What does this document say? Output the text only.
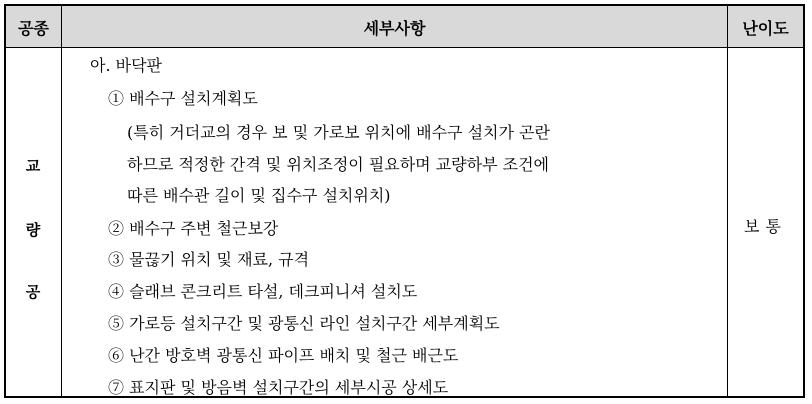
공종	세부사항	난이도
교
량
공
아. 바닥판
① 배수구 설치계획도
(특히 거더교의 경우 보 및 가로보 위치에 배수구 설치가 곤란
하므로 적정한 간격 및 위치조정이 필요하며 교량하부 조건에
따른 배수관 길이 및 집수구 설치위치)
② 배수구 주변 철근보강
③ 물끊기 위치 및 재료, 규격
④ 슬래브 콘크리트 타설, 데크피니셔 설치도
⑤ 가로등 설치구간 및 광통신 라인 설치구간 세부계획도
⑥ 난간 방호벽 광통신 파이프 배치 및 철근 배근도
⑦ 표지판 및 방음벽 설치구간의 세부시공 상세도
보통
